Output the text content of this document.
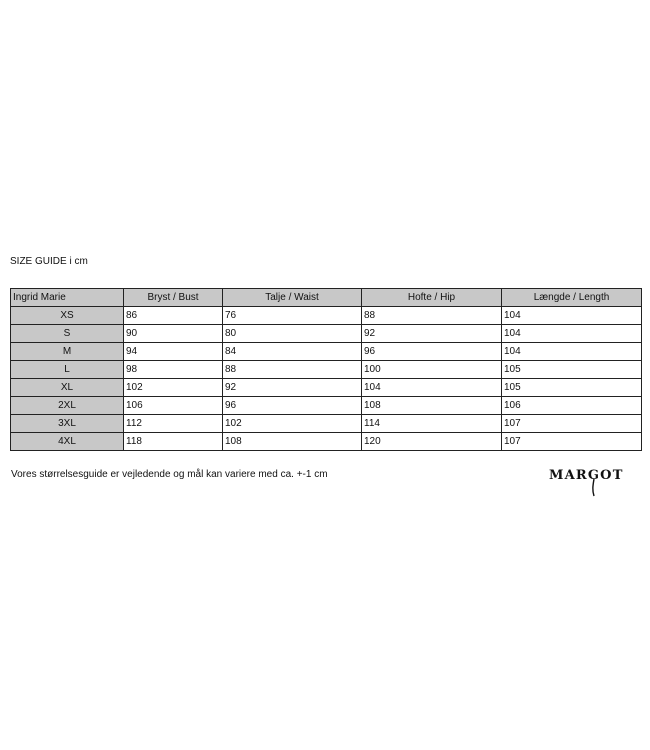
SIZE GUIDE i cm
Ingrid Marie	Bryst / Bust	Talje / Waist	Hofte / Hip	Længde / Length
XS	86	76	88	104
S	90	80	92	104
M	94	84	96	104
L	98	88	100	105
XL	102	92	104	105
2XL	106	96	108	106
3XL	112	102	114	107
4XL	118	108	120	107
Vores størrelsesguide er vejledende og mål kan variere med ca. +-1 cm	MARGOT
